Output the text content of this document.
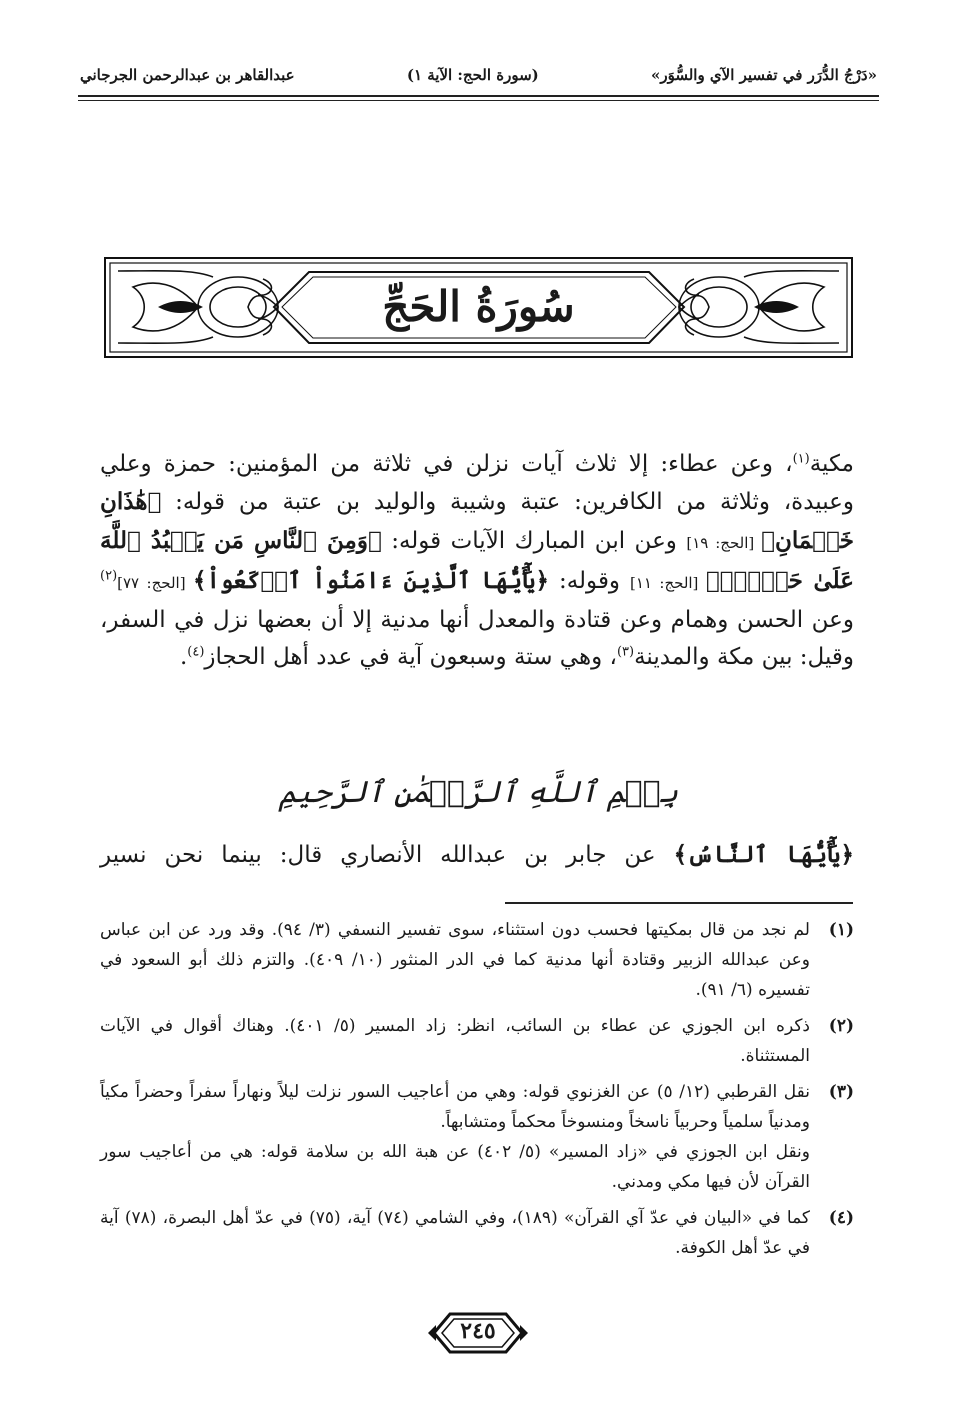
«دَرْجُ الدُّرَر في تفسير الآي والسُّوَر»
(سورة الحج: الآية ١)
عبدالقاهر بن عبدالرحمن الجرجاني
سُورَةُ الحَجِّ
مكية$^{(١)}$، وعن عطاء: إلا ثلاث آيات نزلن في ثلاثة من المؤمنين: حمزة وعلي وعبيدة، وثلاثة من الكافرين: عتبة وشيبة والوليد بن عتبة من قوله: ﴿هَٰذَانِ خَصۡمَانِ﴾ [الحج: ١٩] وعن ابن المبارك الآيات قوله: ﴿وَمِنَ ٱلنَّاسِ مَن يَعۡبُدُ ٱللَّهَ عَلَىٰ حَرۡفٖۖ﴾ [الحج: ١١] وقوله: ﴿يَٰٓأَيُّهَا ٱلَّذِينَ ءَامَنُواْ ٱرۡكَعُواْ﴾ [الحج: ٧٧]$^{(٢)}$ وعن الحسن وهمام وعن قتادة والمعدل أنها مدنية إلا أن بعضها نزل في السفر، وقيل: بين مكة والمدينة$^{(٣)}$، وهي ستة وسبعون آية في عدد أهل الحجاز$^{(٤)}$.
بِسۡمِ ٱللَّهِ ٱلرَّحۡمَٰنِ ٱلرَّحِيمِ
﴿يَٰٓأَيُّهَا ٱلنَّاسُ﴾ عن جابر بن عبدالله الأنصاري قال: بينما نحن نسير
(١)

لم نجد من قال بمكيتها فحسب دون استثناء، سوى تفسير النسفي (٣/ ٩٤). وقد ورد عن ابن عباس وعن عبدالله الزبير وقتادة أنها مدنية كما في الدر المنثور (١٠/ ٤٠٩). والتزم ذلك أبو السعود في تفسيره (٦/ ٩١).

(٢)

ذكره ابن الجوزي عن عطاء بن السائب، انظر: زاد المسير (٥/ ٤٠١). وهناك أقوال في الآيات المستثناة.

(٣)

نقل القرطبي (١٢/ ٥) عن الغزنوي قوله: وهي من أعاجيب السور نزلت ليلاً ونهاراً سفراً وحضراً مكياً ومدنياً سلمياً وحربياً ناسخاً ومنسوخاً محكماً ومتشابهاً.

ونقل ابن الجوزي في «زاد المسير» (٥/ ٤٠٢) عن هبة الله بن سلامة قوله: هي من أعاجيب سور القرآن لأن فيها مكي ومدني.

(٤)

كما في «البيان في عدّ آي القرآن» (١٨٩)، وفي الشامي (٧٤) آية، (٧٥) في عدّ أهل البصرة، (٧٨) آية في عدّ أهل الكوفة.

٢٤٥
